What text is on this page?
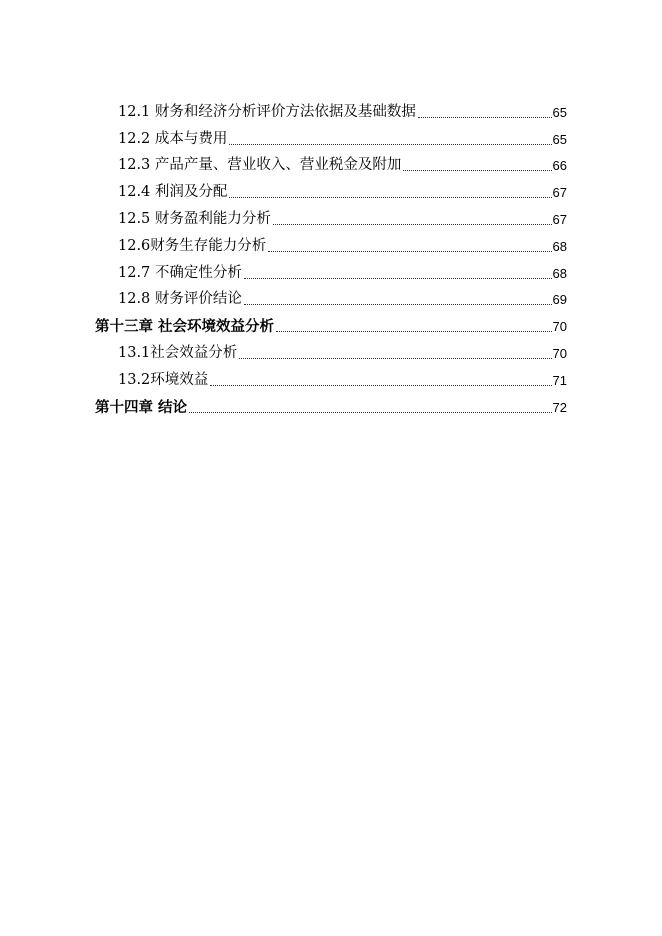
12.1 财务和经济分析评价方法依据及基础数据	65
12.2 成本与费用	65
12.3 产品产量、营业收入、营业税金及附加	66
12.4 利润及分配	67
12.5 财务盈利能力分析	67
12.6财务生存能力分析	68
12.7 不确定性分析	68
12.8 财务评价结论	69
第十三章 社会环境效益分析	70
13.1社会效益分析	70
13.2环境效益	71
第十四章 结论	72
